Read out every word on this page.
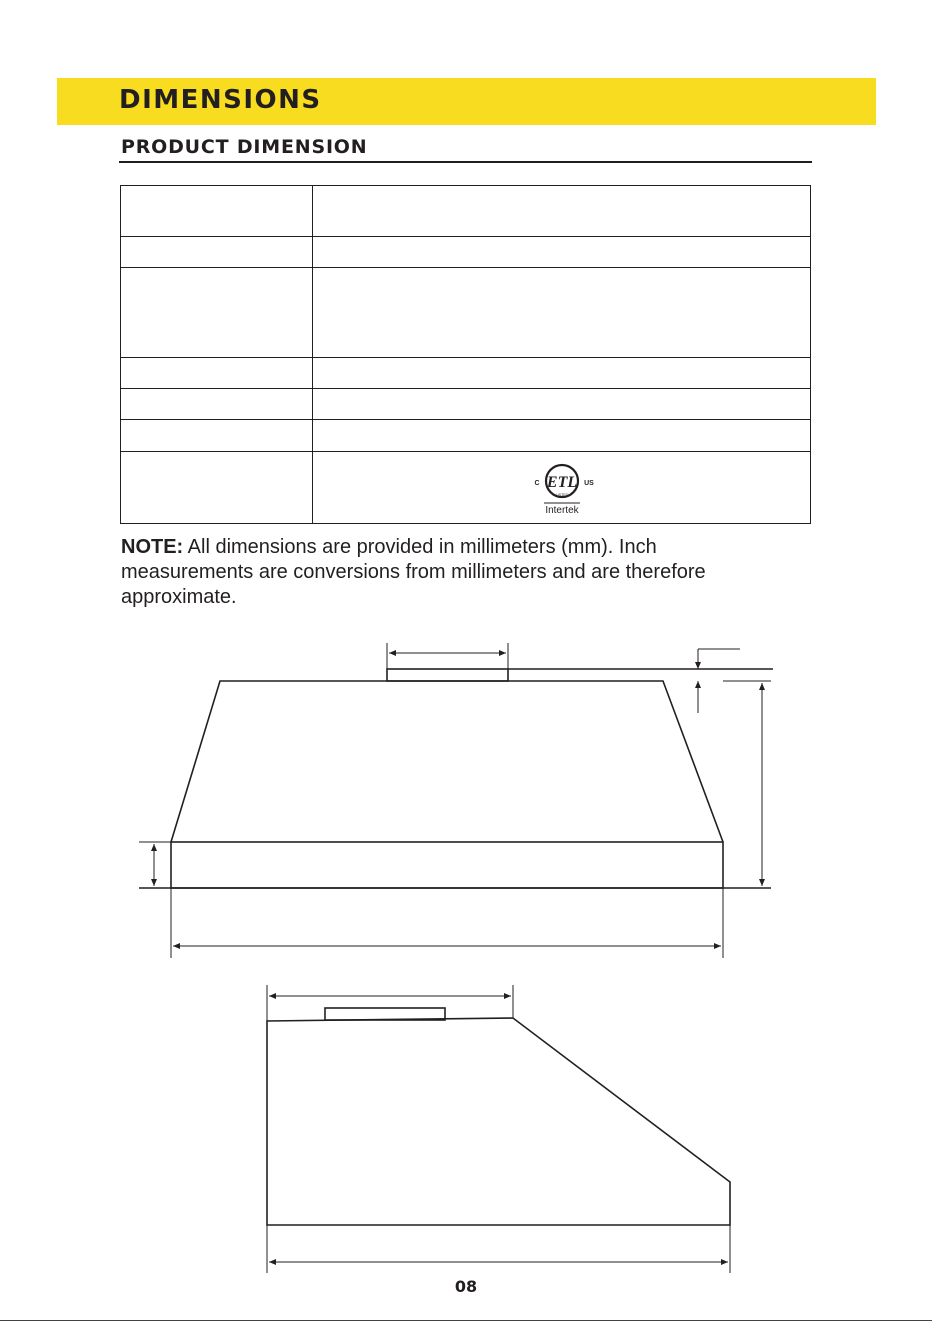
DIMENSIONS
PRODUCT DIMENSION

ETL
C US
LISTED
Intertek

NOTE: All dimensions are provided in millimeters (mm). Inch measurements are conversions from millimeters and are therefore approximate.

08
